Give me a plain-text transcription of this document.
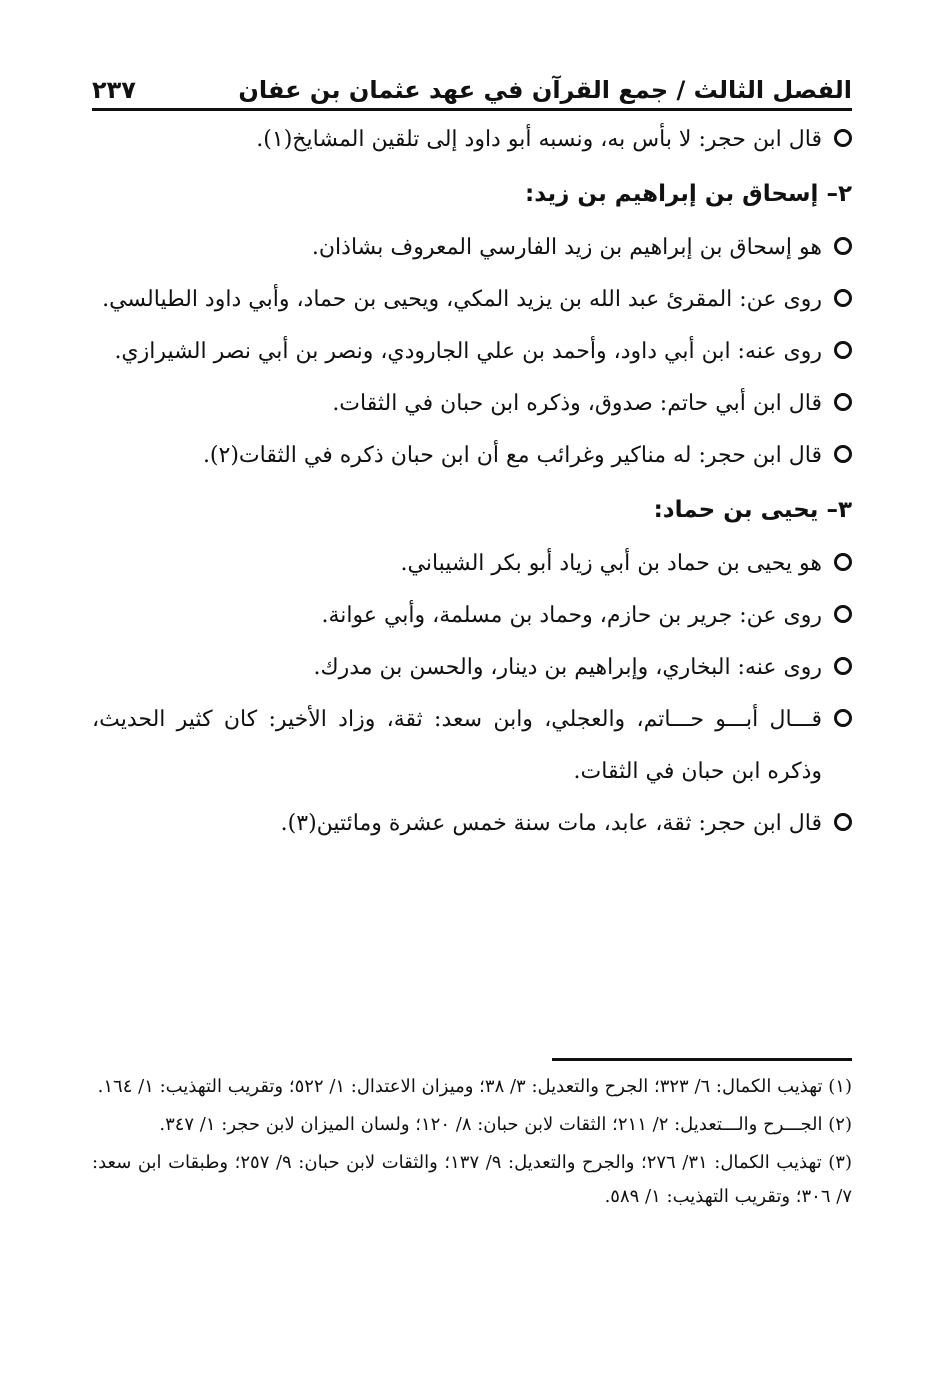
الفصل الثالث / جمع القرآن في عهد عثمان بن عفان
٢٣٧
قال ابن حجر: لا بأس به، ونسبه أبو داود إلى تلقين المشايخ(١).
٢– إسحاق بن إبراهيم بن زيد:
هو إسحاق بن إبراهيم بن زيد الفارسي المعروف بشاذان.
روى عن: المقرئ عبد الله بن يزيد المكي، ويحيى بن حماد، وأبي داود الطيالسي.
روى عنه: ابن أبي داود، وأحمد بن علي الجارودي، ونصر بن أبي نصر الشيرازي.
قال ابن أبي حاتم: صدوق، وذكره ابن حبان في الثقات.
قال ابن حجر: له مناكير وغرائب مع أن ابن حبان ذكره في الثقات(٢).
٣– يحيى بن حماد:
هو يحيى بن حماد بن أبي زياد أبو بكر الشيباني.
روى عن: جرير بن حازم، وحماد بن مسلمة، وأبي عوانة.
روى عنه: البخاري، وإبراهيم بن دينار، والحسن بن مدرك.
قـــال أبـــو حـــاتم، والعجلي، وابن سعد: ثقة، وزاد الأخير: كان كثير الحديث، وذكره ابن حبان في الثقات.
قال ابن حجر: ثقة، عابد، مات سنة خمس عشرة ومائتين(٣).
(١) تهذيب الكمال: ٦/ ٣٢٣؛ الجرح والتعديل: ٣/ ٣٨؛ وميزان الاعتدال: ١/ ٥٢٢؛ وتقريب التهذيب: ١/ ١٦٤.
(٢) الجـــرح والـــتعديل: ٢/ ٢١١؛ الثقات لابن حبان: ٨/ ١٢٠؛ ولسان الميزان لابن حجر: ١/ ٣٤٧.
(٣) تهذيب الكمال: ٣١/ ٢٧٦؛ والجرح والتعديل: ٩/ ١٣٧؛ والثقات لابن حبان: ٩/ ٢٥٧؛ وطبقات ابن سعد: ٧/ ٣٠٦؛ وتقريب التهذيب: ١/ ٥٨٩.
